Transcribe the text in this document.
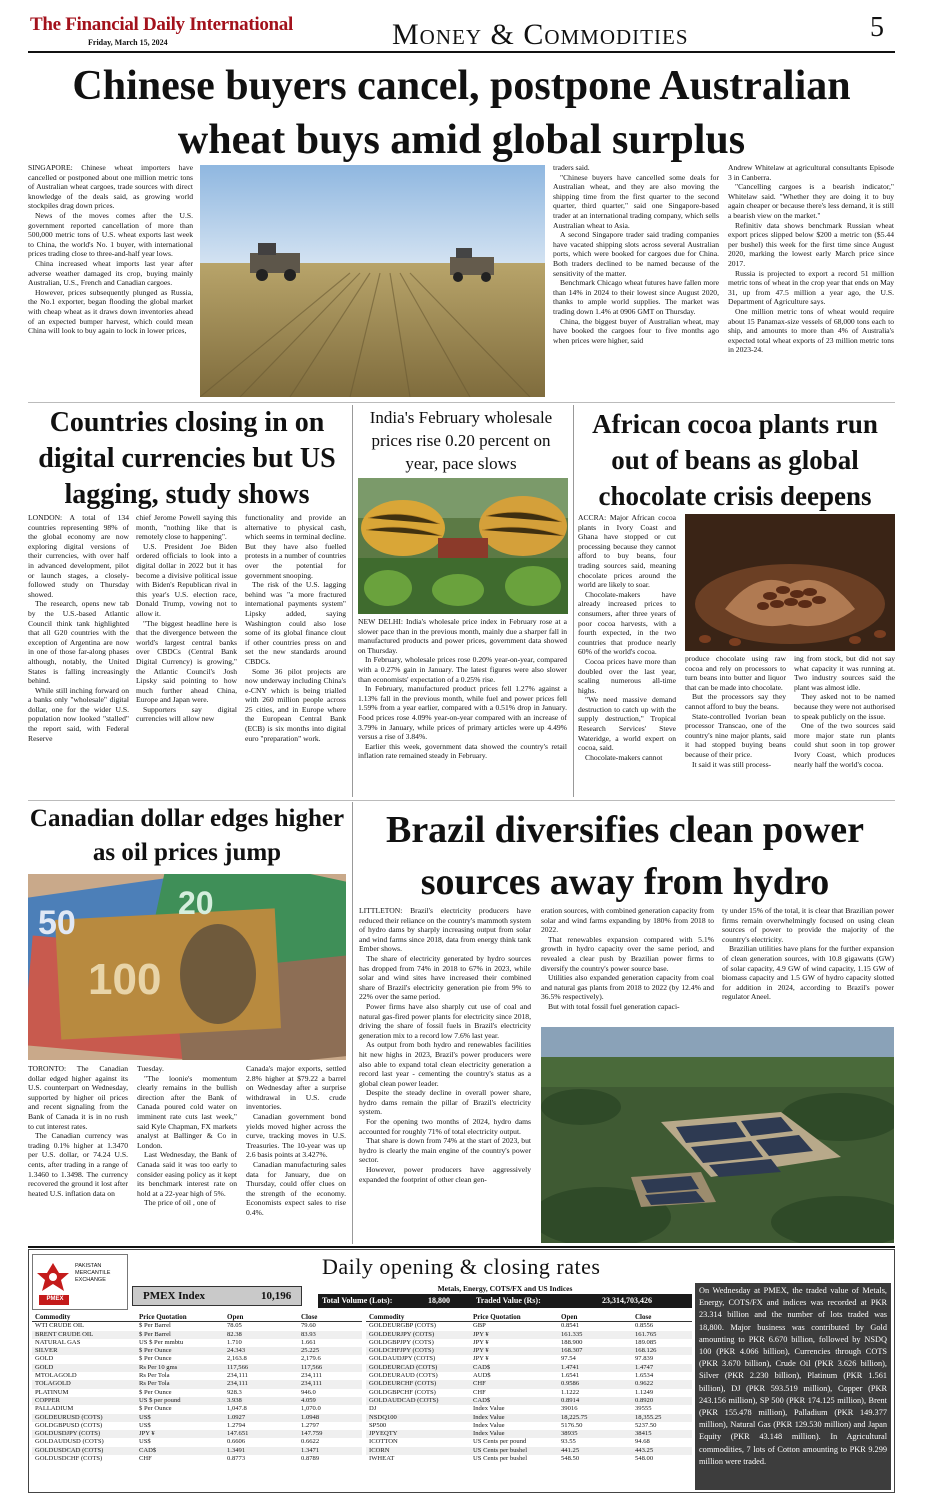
The Financial Daily International
Friday, March 15, 2024	Money & Commodities	5
Chinese buyers cancel, postpone Australian
wheat buys amid global surplus

SINGAPORE: Chinese wheat importers have cancelled or postponed about one million metric tons of Australian wheat cargoes, trade sources with direct knowledge of the deals said, as growing world stockpiles drag down prices.

News of the moves comes after the U.S. government reported cancellation of more than 500,000 metric tons of U.S. wheat exports last week to China, the world's No. 1 buyer, with international prices trading close to three-and-half year lows.

China increased wheat imports last year after adverse weather damaged its crop, buying mainly Australian, U.S., French and Canadian cargoes.

However, prices subsequently plunged as Russia, the No.1 exporter, began flooding the global market with cheap wheat as it draws down inventories ahead of an expected bumper harvest, which could mean China will look to buy again to lock in lower prices,

traders said.

"Chinese buyers have cancelled some deals for Australian wheat, and they are also moving the shipping time from the first quarter to the second quarter, third quarter," said one Singapore-based trader at an international trading company, which sells Australian wheat to Asia.

A second Singapore trader said trading companies have vacated shipping slots across several Australian ports, which were booked for cargoes due for China. Both traders declined to be named because of the sensitivity of the matter.

Benchmark Chicago wheat futures have fallen more than 14% in 2024 to their lowest since August 2020, thanks to ample world supplies. The market was trading down 1.4% at 0906 GMT on Thursday.

China, the biggest buyer of Australian wheat, may have booked the cargoes four to five months ago when prices were higher, said

Andrew Whitelaw at agricultural consultants Episode 3 in Canberra.

"Cancelling cargoes is a bearish indicator," Whitelaw said. "Whether they are doing it to buy again cheaper or because there's less demand, it is still a bearish view on the market."

Refinitiv data shows benchmark Russian wheat export prices slipped below $200 a metric ton ($5.44 per bushel) this week for the first time since August 2020, marking the lowest early March price since 2017.

Russia is projected to export a record 51 million metric tons of wheat in the crop year that ends on May 31, up from 47.5 million a year ago, the U.S. Department of Agriculture says.

One million metric tons of wheat would require about 15 Panamax-size vessels of 68,000 tons each to ship, and amounts to more than 4% of Australia's expected total wheat exports of 23 million metric tons in 2023-24.

Countries closing in on digital currencies but US lagging, study shows

LONDON: A total of 134 countries representing 98% of the global economy are now exploring digital versions of their currencies, with over half in advanced development, pilot or launch stages, a closely-followed study on Thursday showed.

The research, opens new tab by the U.S.-based Atlantic Council think tank highlighted that all G20 countries with the exception of Argentina are now in one of those far-along phases although, notably, the United States is falling increasingly behind.

While still inching forward on a banks only "wholesale" digital dollar, one for the wider U.S. population now looked "stalled" the report said, with Federal Reserve

chief Jerome Powell saying this month, "nothing like that is remotely close to happening".

U.S. President Joe Biden ordered officials to look into a digital dollar in 2022 but it has become a divisive political issue with Biden's Republican rival in this year's U.S. election race, Donald Trump, vowing not to allow it.

"The biggest headline here is that the divergence between the world's largest central banks over CBDCs (Central Bank Digital Currency) is growing," the Atlantic Council's Josh Lipsky said pointing to how much further ahead China, Europe and Japan were.

Supporters say digital currencies will allow new

functionality and provide an alternative to physical cash, which seems in terminal decline. But they have also fuelled protests in a number of countries over the potential for government snooping.

The risk of the U.S. lagging behind was "a more fractured international payments system" Lipsky added, saying Washington could also lose some of its global finance clout if other countries press on and set the new standards around CBDCs.

Some 36 pilot projects are now underway including China's e-CNY which is being trialled with 260 million people across 25 cities, and in Europe where the European Central Bank (ECB) is six months into digital euro "preparation" work.

India's February wholesale prices rise 0.20 percent on year, pace slows

NEW DELHI: India's wholesale price index in February rose at a slower pace than in the previous month, mainly due a sharper fall in manufactured products and power prices, government data showed on Thursday.

In February, wholesale prices rose 0.20% year-on-year, compared with a 0.27% gain in January. The latest figures were also slower than economists' expectation of a 0.25% rise.

In February, manufactured product prices fell 1.27% against a 1.13% fall in the previous month, while fuel and power prices fell 1.59% from a year earlier, compared with a 0.51% drop in January. Food prices rose 4.09% year-on-year compared with an increase of 3.79% in January, while prices of primary articles were up 4.49% versus a rise of 3.84%.

Earlier this week, government data showed the country's retail inflation rate remained steady in February.

African cocoa plants run out of beans as global chocolate crisis deepens

ACCRA: Major African cocoa plants in Ivory Coast and Ghana have stopped or cut processing because they cannot afford to buy beans, four trading sources said, meaning chocolate prices around the world are likely to soar.

Chocolate-makers have already increased prices to consumers, after three years of poor cocoa harvests, with a fourth expected, in the two countries that produce nearly 60% of the world's cocoa.

Cocoa prices have more than doubled over the last year, scaling numerous all-time highs.

"We need massive demand destruction to catch up with the supply destruction," Tropical Research Services' Steve Wateridge, a world expert on cocoa, said.

Chocolate-makers cannot

produce chocolate using raw cocoa and rely on processors to turn beans into butter and liquor that can be made into chocolate.

But the processors say they cannot afford to buy the beans.

State-controlled Ivorian bean processor Transcao, one of the country's nine major plants, said it had stopped buying beans because of their price.

It said it was still process-

ing from stock, but did not say what capacity it was running at. Two industry sources said the plant was almost idle.

They asked not to be named because they were not authorised to speak publicly on the issue.

One of the two sources said more major state run plants could shut soon in top grower Ivory Coast, which produces nearly half the world's cocoa.

Canadian dollar edges higher as oil prices jump
100
50
20

TORONTO: The Canadian dollar edged higher against its U.S. counterpart on Wednesday, supported by higher oil prices and recent signaling from the Bank of Canada it is in no rush to cut interest rates.

The Canadian currency was trading 0.1% higher at 1.3470 per U.S. dollar, or 74.24 U.S. cents, after trading in a range of 1.3460 to 1.3498. The currency recovered the ground it lost after heated U.S. inflation data on

Tuesday.

"The loonie's momentum clearly remains in the bullish direction after the Bank of Canada poured cold water on imminent rate cuts last week," said Kyle Chapman, FX markets analyst at Ballinger & Co in London.

Last Wednesday, the Bank of Canada said it was too early to consider easing policy as it kept its benchmark interest rate on hold at a 22-year high of 5%.

The price of oil , one of

Canada's major exports, settled 2.8% higher at $79.22 a barrel on Wednesday after a surprise withdrawal in U.S. crude inventories.

Canadian government bond yields moved higher across the curve, tracking moves in U.S. Treasuries. The 10-year was up 2.6 basis points at 3.427%.

Canadian manufacturing sales data for January, due on Thursday, could offer clues on the strength of the economy. Economists expect sales to rise 0.4%.

Brazil diversifies clean power
sources away from hydro

LITTLETON: Brazil's electricity producers have reduced their reliance on the country's mammoth system of hydro dams by sharply increasing output from solar and wind farms since 2018, data from energy think tank Ember shows.

The share of electricity generated by hydro sources has dropped from 74% in 2018 to 67% in 2023, while solar and wind sites have increased their combined share of Brazil's electricity generation pie from 9% to 22% over the same period.

Power firms have also sharply cut use of coal and natural gas-fired power plants for electricity since 2018, driving the share of fossil fuels in Brazil's electricity generation mix to a record low 7.6% last year.

As output from both hydro and renewables facilities hit new highs in 2023, Brazil's power producers were also able to expand total clean electricity generation a record last year - cementing the country's status as a global clean power leader.

Despite the steady decline in overall power share, hydro dams remain the pillar of Brazil's electricity system.

For the opening two months of 2024, hydro dams accounted for roughly 71% of total electricity output.

That share is down from 74% at the start of 2023, but hydro is clearly the main engine of the country's power sector.

However, power producers have aggressively expanded the footprint of other clean gen-

eration sources, with combined generation capacity from solar and wind farms expanding by 180% from 2018 to 2022.

That renewables expansion compared with 5.1% growth in hydro capacity over the same period, and revealed a clear push by Brazilian power firms to diversify the country's power source base.

Utilities also expanded generation capacity from coal and natural gas plants from 2018 to 2022 (by 12.4% and 36.5% respectively).

But with total fossil fuel generation capaci-

ty under 15% of the total, it is clear that Brazilian power firms remain overwhelmingly focused on using clean sources of power to provide the majority of the country's electricity.

Brazilian utilities have plans for the further expansion of clean generation sources, with 10.8 gigawatts (GW) of solar capacity, 4.9 GW of wind capacity, 1.15 GW of biomass capacity and 1.5 GW of hydro capacity slotted for addition in 2024, according to Brazil's power regulator Aneel.

PAKISTAN MERCANTILE EXCHANGE
PMEX
Daily opening & closing rates
PMEX Index	10,196
Metals, Energy, COTS/FX and US Indices
Total Volume (Lots):	18,800	Traded Value (Rs):	23,314,703,426
Commodity	Price Quotation	Open	Close
WTI CRUDE OIL	$ Per Barrel	78.05	79.60
BRENT CRUDE OIL	$ Per Barrel	82.38	83.93
NATURAL GAS	US $ Per mmbtu	1.710	1.661
SILVER	$ Per Ounce	24.343	25.225
GOLD	$ Per Ounce	2,163.8	2,179.6
GOLD	Rs Per 10 gms	117,566	117,566
MTOLAGOLD	Rs Per Tola	234,111	234,111
TOLAGOLD	Rs Per Tola	234,111	234,111
PLATINUM	$ Per Ounce	928.3	946.0
COPPER	US $ per pound	3.938	4.059
PALLADIUM	$ Per Ounce	1,047.8	1,070.0
GOLDEURUSD (COTS)	US$	1.0927	1.0948
GOLDGBPUSD (COTS)	US$	1.2794	1.2797
GOLDUSDJPY (COTS)	JPY ¥	147.651	147.759
GOLDAUDUSD (COTS)	US$	0.6606	0.6622
GOLDUSDCAD (COTS)	CAD$	1.3491	1.3471
GOLDUSDCHF (COTS)	CHF	0.8773	0.8789
Commodity	Price Quotation	Open	Close
GOLDEURGBP (COTS)	GBP	0.8541	0.8556
GOLDEURJPY (COTS)	JPY ¥	161.335	161.765
GOLDGBPJPY (COTS)	JPY ¥	188.900	189.085
GOLDCHFJPY (COTS)	JPY ¥	168.307	168.126
GOLDAUDJPY (COTS)	JPY ¥	97.54	97.839
GOLDEURCAD (COTS)	CAD$	1.4741	1.4747
GOLDEURAUD (COTS)	AUD$	1.6541	1.6534
GOLDEURCHF (COTS)	CHF	0.9586	0.9622
GOLDGBPCHF (COTS)	CHF	1.1222	1.1249
GOLDAUDCAD (COTS)	CAD$	0.8914	0.8920
DJ	Index Value	39016	39555
NSDQ100	Index Value	18,225.75	18,355.25
SP500	Index Value	5176.50	5237.50
JPYEQTY	Index Value	38935	38415
ICOTTON	US Cents per pound	93.55	94.68
ICORN	US Cents per bushel	441.25	443.25
IWHEAT	US Cents per bushel	548.50	548.00
On Wednesday at PMEX, the traded value of Metals, Energy, COTS/FX and indices was recorded at PKR 23.314 billion and the number of lots traded was 18,800. Major business was contributed by Gold amounting to PKR 6.670 billion, followed by NSDQ 100 (PKR 4.066 billion), Currencies through COTS (PKR 3.670 billion), Crude Oil (PKR 3.626 billion), Silver (PKR 2.230 billion), Platinum (PKR 1.561 billion), DJ (PKR 593.519 million), Copper (PKR 243.156 million), SP 500 (PKR 174.125 million), Brent (PKR 155.478 million), Palladium (PKR 149.377 million), Natural Gas (PKR 129.530 million) and Japan Equity (PKR 43.148 million). In Agricultural commodities, 7 lots of Cotton amounting to PKR 9.299 million were traded.
